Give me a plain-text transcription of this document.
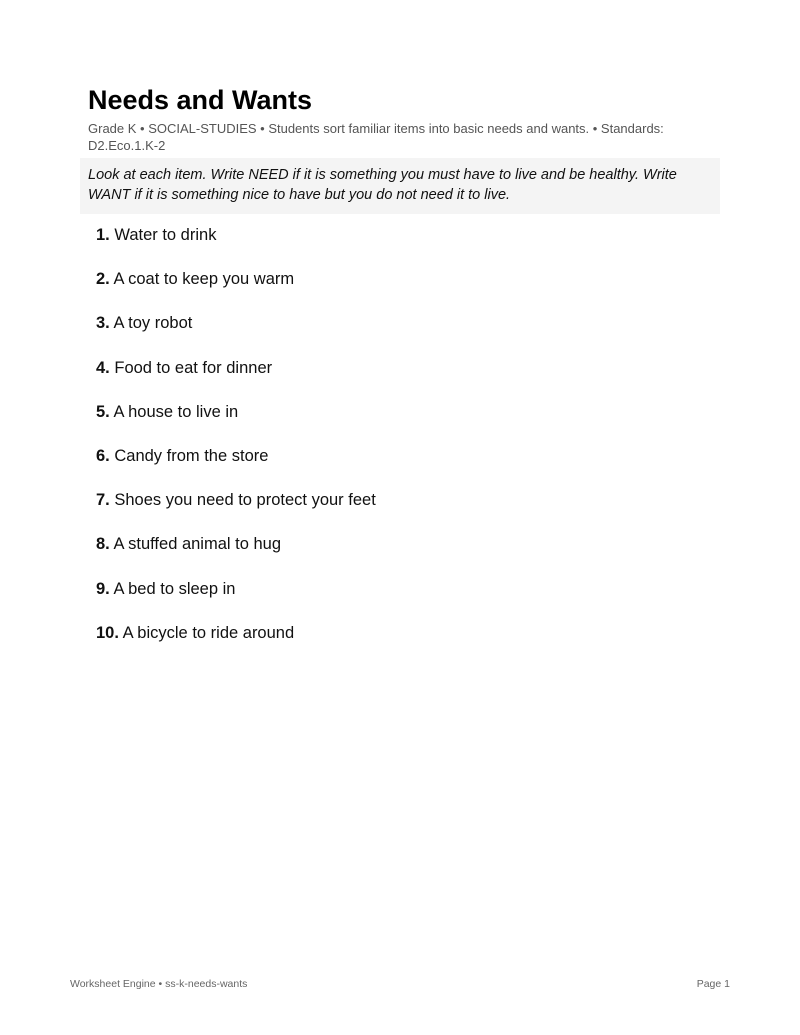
Needs and Wants
Grade K • SOCIAL-STUDIES • Students sort familiar items into basic needs and wants. • Standards: D2.Eco.1.K-2
Look at each item. Write NEED if it is something you must have to live and be healthy. Write WANT if it is something nice to have but you do not need it to live.
1. Water to drink
2. A coat to keep you warm
3. A toy robot
4. Food to eat for dinner
5. A house to live in
6. Candy from the store
7. Shoes you need to protect your feet
8. A stuffed animal to hug
9. A bed to sleep in
10. A bicycle to ride around
Worksheet Engine • ss-k-needs-wants	Page 1
